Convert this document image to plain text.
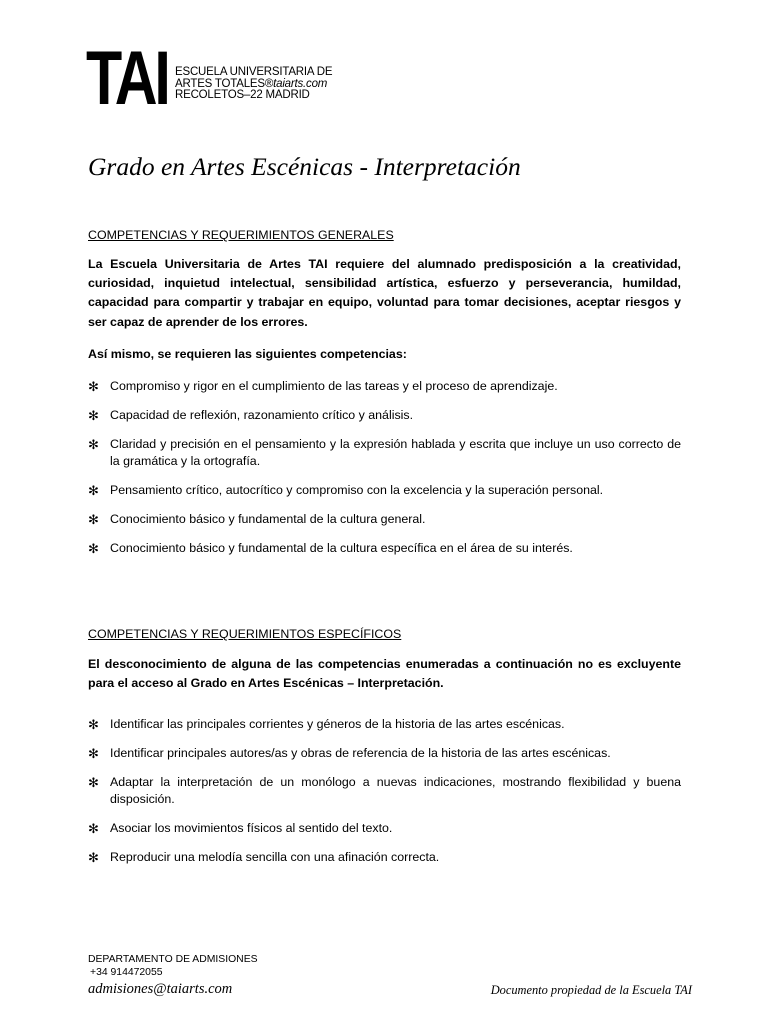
TAI ESCUELA UNIVERSITARIA DE
ARTES TOTALES®taiarts.com
RECOLETOS–22 MADRID
Grado en Artes Escénicas - Interpretación
COMPETENCIAS Y REQUERIMIENTOS GENERALES
La Escuela Universitaria de Artes TAI requiere del alumnado predisposición a la creatividad, curiosidad, inquietud intelectual, sensibilidad artística, esfuerzo y perseverancia, humildad, capacidad para compartir y trabajar en equipo, voluntad para tomar decisiones, aceptar riesgos y ser capaz de aprender de los errores.
Así mismo, se requieren las siguientes competencias:
✻ Compromiso y rigor en el cumplimiento de las tareas y el proceso de aprendizaje.
✻ Capacidad de reflexión, razonamiento crítico y análisis.
✻ Claridad y precisión en el pensamiento y la expresión hablada y escrita que incluye un uso correcto de la gramática y la ortografía.
✻ Pensamiento crítico, autocrítico y compromiso con la excelencia y la superación personal.
✻ Conocimiento básico y fundamental de la cultura general.
✻ Conocimiento básico y fundamental de la cultura específica en el área de su interés.
COMPETENCIAS Y REQUERIMIENTOS ESPECÍFICOS
El desconocimiento de alguna de las competencias enumeradas a continuación no es excluyente para el acceso al Grado en Artes Escénicas – Interpretación.
✻ Identificar las principales corrientes y géneros de la historia de las artes escénicas.
✻ Identificar principales autores/as y obras de referencia de la historia de las artes escénicas.
✻ Adaptar la interpretación de un monólogo a nuevas indicaciones, mostrando flexibilidad y buena disposición.
✻ Asociar los movimientos físicos al sentido del texto.
✻ Reproducir una melodía sencilla con una afinación correcta.
DEPARTAMENTO DE ADMISIONES
+34 914472055
admisiones@taiarts.com	Documento propiedad de la Escuela TAI
